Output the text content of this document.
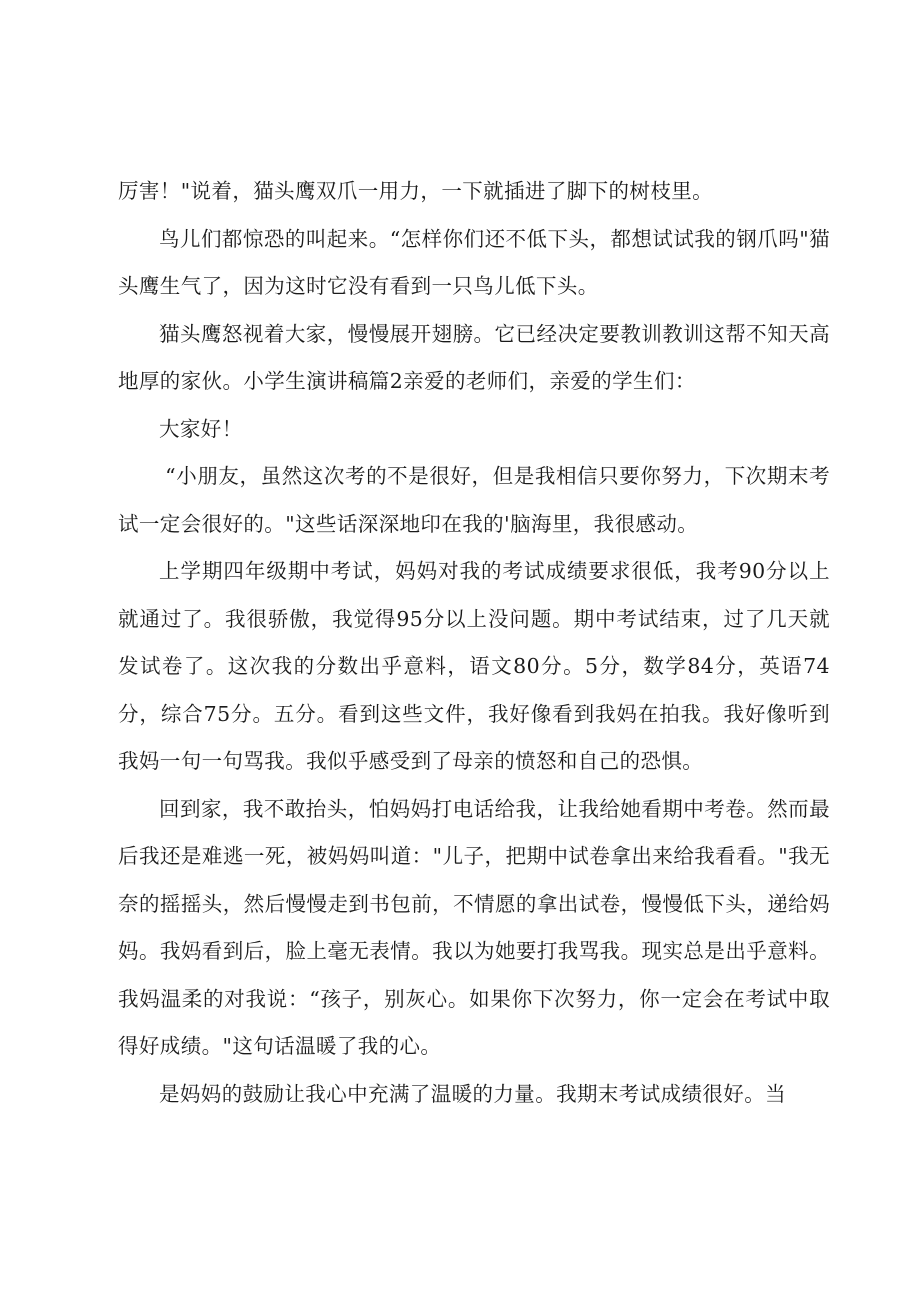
厉害！"说着，猫头鹰双爪一用力，一下就插进了脚下的树枝里。

鸟儿们都惊恐的叫起来。“怎样你们还不低下头，都想试试我的钢爪吗"猫头鹰生气了，因为这时它没有看到一只鸟儿低下头。

猫头鹰怒视着大家，慢慢展开翅膀。它已经决定要教训教训这帮不知天高地厚的家伙。小学生演讲稿篇2亲爱的老师们，亲爱的学生们：

大家好！

“小朋友，虽然这次考的不是很好，但是我相信只要你努力，下次期末考试一定会很好的。"这些话深深地印在我的'脑海里，我很感动。

上学期四年级期中考试，妈妈对我的考试成绩要求很低，我考90分以上就通过了。我很骄傲，我觉得95分以上没问题。期中考试结束，过了几天就发试卷了。这次我的分数出乎意料，语文80分。5分，数学84分，英语74分，综合75分。五分。看到这些文件，我好像看到我妈在拍我。我好像听到我妈一句一句骂我。我似乎感受到了母亲的愤怒和自己的恐惧。

回到家，我不敢抬头，怕妈妈打电话给我，让我给她看期中考卷。然而最后我还是难逃一死，被妈妈叫道："儿子，把期中试卷拿出来给我看看。"我无奈的摇摇头，然后慢慢走到书包前，不情愿的拿出试卷，慢慢低下头，递给妈妈。我妈看到后，脸上毫无表情。我以为她要打我骂我。现实总是出乎意料。我妈温柔的对我说：“孩子，别灰心。如果你下次努力，你一定会在考试中取得好成绩。"这句话温暖了我的心。

是妈妈的鼓励让我心中充满了温暖的力量。我期末考试成绩很好。当
